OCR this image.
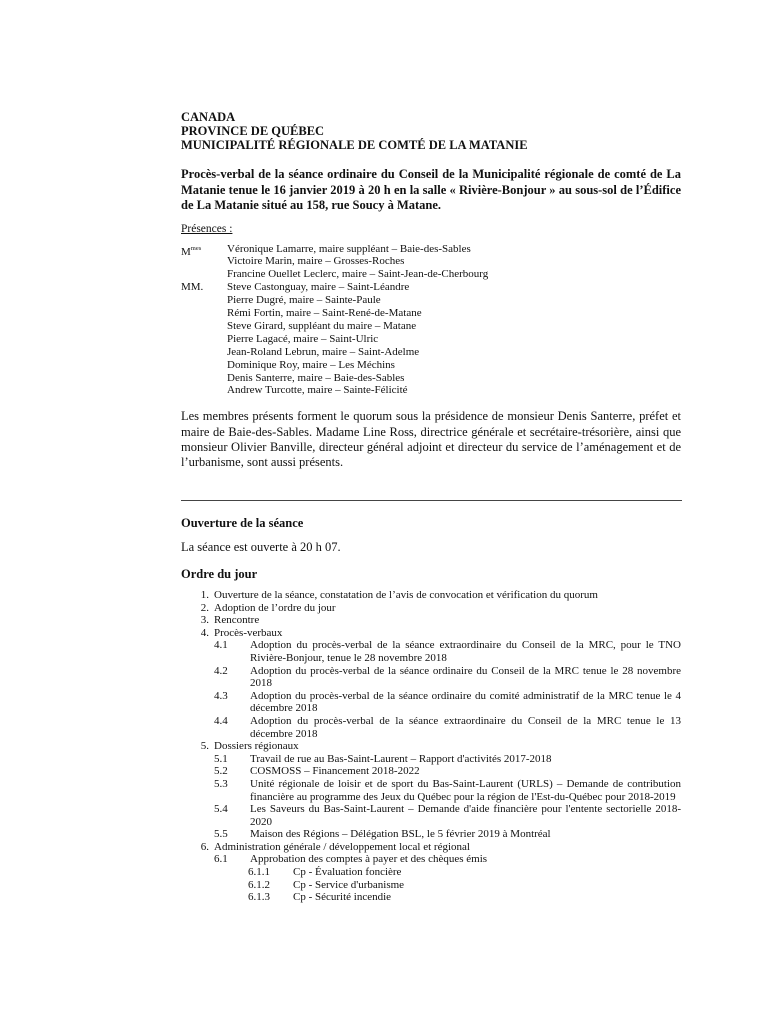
CANADA

PROVINCE DE QUÉBEC

MUNICIPALITÉ RÉGIONALE DE COMTÉ DE LA MATANIE

Procès-verbal de la séance ordinaire du Conseil de la Municipalité régionale de comté de La Matanie tenue le 16 janvier 2019 à 20 h en la salle « Rivière-Bonjour » au sous-sol de l’Édifice de La Matanie situé au 158, rue Soucy à Matane.

Présences :

$M^{mes}$	Véronique Lamarre, maire suppléant – Baie-des-Sables
Victoire Marin, maire – Grosses-Roches
Francine Ouellet Leclerc, maire – Saint-Jean-de-Cherbourg
MM.	Steve Castonguay, maire – Saint-Léandre
Pierre Dugré, maire – Sainte-Paule
Rémi Fortin, maire – Saint-René-de-Matane
Steve Girard, suppléant du maire – Matane
Pierre Lagacé, maire – Saint-Ulric
Jean-Roland Lebrun, maire – Saint-Adelme
Dominique Roy, maire – Les Méchins
Denis Santerre, maire – Baie-des-Sables
Andrew Turcotte, maire – Sainte-Félicité

Les membres présents forment le quorum sous la présidence de monsieur Denis Santerre, préfet et maire de Baie-des-Sables. Madame Line Ross, directrice générale et secrétaire-trésorière, ainsi que monsieur Olivier Banville, directeur général adjoint et directeur du service de l’aménagement et de l’urbanisme, sont aussi présents.

Ouverture de la séance

La séance est ouverte à 20 h 07.

Ordre du jour

1. Ouverture de la séance, constatation de l’avis de convocation et vérification du quorum
2. Adoption de l’ordre du jour
3. Rencontre
4. Procès-verbaux
4.1	Adoption du procès-verbal de la séance extraordinaire du Conseil de la MRC, pour le TNO Rivière-Bonjour, tenue le 28 novembre 2018
4.2	Adoption du procès-verbal de la séance ordinaire du Conseil de la MRC tenue le 28 novembre 2018
4.3	Adoption du procès-verbal de la séance ordinaire du comité administratif de la MRC tenue le 4 décembre 2018
4.4	Adoption du procès-verbal de la séance extraordinaire du Conseil de la MRC tenue le 13 décembre 2018
5. Dossiers régionaux
5.1	Travail de rue au Bas-Saint-Laurent – Rapport d'activités 2017-2018
5.2	COSMOSS – Financement 2018-2022
5.3	Unité régionale de loisir et de sport du Bas-Saint-Laurent (URLS) – Demande de contribution financière au programme des Jeux du Québec pour la région de l'Est-du-Québec pour 2018-2019
5.4	Les Saveurs du Bas-Saint-Laurent – Demande d'aide financière pour l'entente sectorielle 2018-2020
5.5	Maison des Régions – Délégation BSL, le 5 février 2019 à Montréal
6. Administration générale / développement local et régional
6.1	Approbation des comptes à payer et des chèques émis
6.1.1	Cp - Évaluation foncière
6.1.2	Cp - Service d'urbanisme
6.1.3	Cp - Sécurité incendie
